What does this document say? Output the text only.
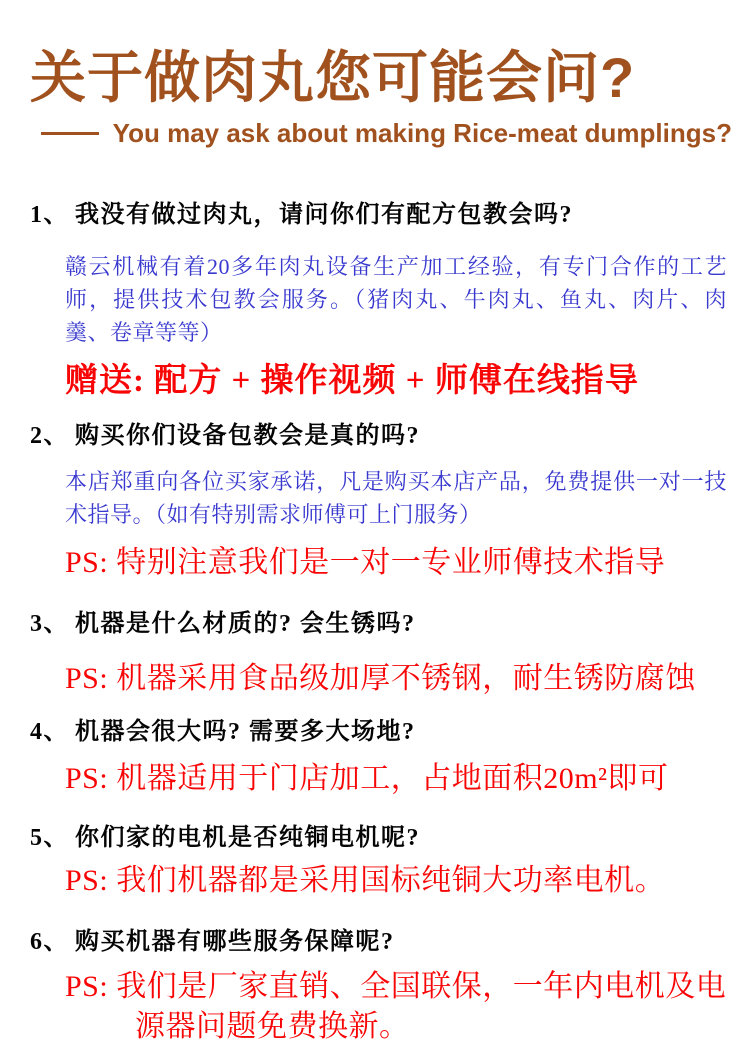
关于做肉丸您可能会问?
You may ask about making Rice-meat dumplings?
1、 我没有做过肉丸，请问你们有配方包教会吗?

赣云机械有着20多年肉丸设备生产加工经验，有专门合作的工艺师，提供技术包教会服务。（猪肉丸、牛肉丸、鱼丸、肉片、肉羹、卷章等等）

赠送: 配方 + 操作视频 + 师傅在线指导

2、 购买你们设备包教会是真的吗?

本店郑重向各位买家承诺，凡是购买本店产品，免费提供一对一技术指导。（如有特别需求师傅可上门服务）

PS: 特别注意我们是一对一专业师傅技术指导

3、 机器是什么材质的? 会生锈吗?

PS: 机器采用食品级加厚不锈钢，耐生锈防腐蚀

4、 机器会很大吗? 需要多大场地?

PS: 机器适用于门店加工，占地面积20m²即可

5、 你们家的电机是否纯铜电机呢?

PS: 我们机器都是采用国标纯铜大功率电机。

6、 购买机器有哪些服务保障呢?

PS: 我们是厂家直销、全国联保，一年内电机及电源器问题免费换新。
